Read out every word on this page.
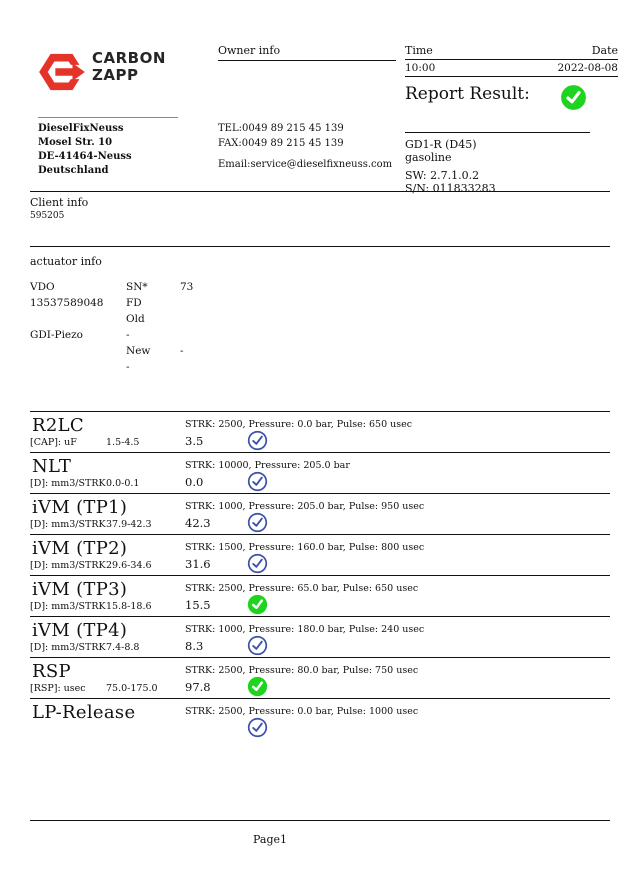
CARBON
ZAPP
Owner info	Time	Date
10:00	2022-08-08
Report Result:
DieselFixNeuss
Mosel Str. 10
DE-41464-Neuss
Deutschland
TEL:0049 89 215 45 139
FAX:0049 89 215 45 139
Email:service@dieselfixneuss.com
GD1-R (D45)
gasoline
SW: 2.7.1.0.2
S/N: 011833283
Client info
595205
actuator info
VDO	SN*	73
13537589048	FD
Old
GDI-Piezo	-
New	-
-
R2LC	STRK: 2500, Pressure: 0.0 bar, Pulse: 650 usec
[CAP]: uF	1.5-4.5	3.5
NLT	STRK: 10000, Pressure: 205.0 bar
[D]: mm3/STRK 0.0-0.1	0.0
iVM (TP1)	STRK: 1000, Pressure: 205.0 bar, Pulse: 950 usec
[D]: mm3/STRK 37.9-42.3	42.3
iVM (TP2)	STRK: 1500, Pressure: 160.0 bar, Pulse: 800 usec
[D]: mm3/STRK 29.6-34.6	31.6
iVM (TP3)	STRK: 2500, Pressure: 65.0 bar, Pulse: 650 usec
[D]: mm3/STRK 15.8-18.6	15.5
iVM (TP4)	STRK: 1000, Pressure: 180.0 bar, Pulse: 240 usec
[D]: mm3/STRK 7.4-8.8	8.3
RSP	STRK: 2500, Pressure: 80.0 bar, Pulse: 750 usec
[RSP]: usec 75.0-175.0 97.8
LP-Release	STRK: 2500, Pressure: 0.0 bar, Pulse: 1000 usec
Page1
